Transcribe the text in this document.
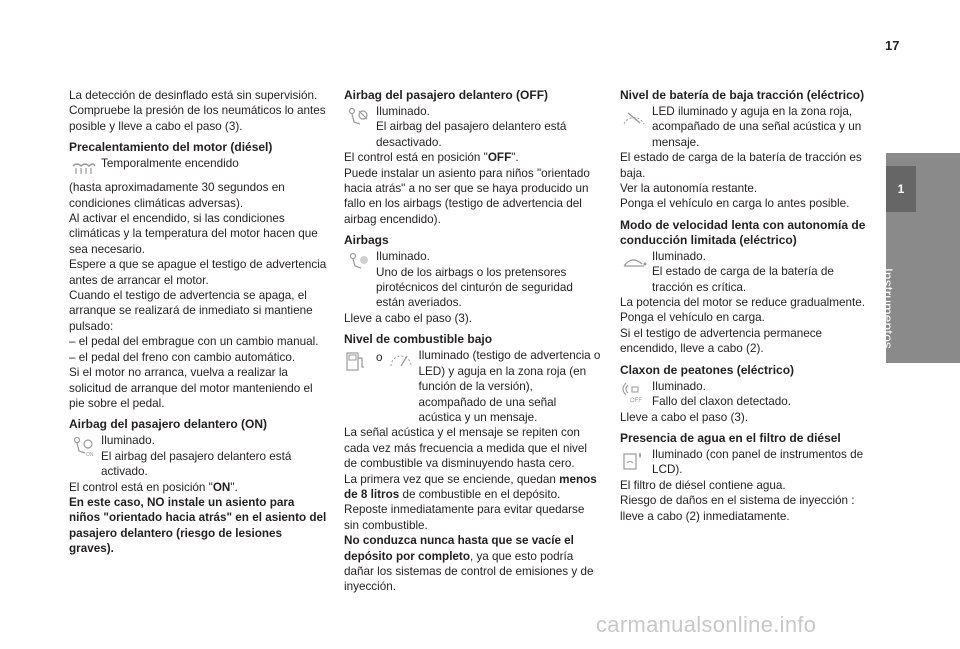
17
1
Instrumentos

La detección de desinflado está sin supervisión.

Compruebe la presión de los neumáticos lo antes posible y lleve a cabo el paso (3).

Precalentamiento del motor (diésel)

Temporalmente encendido

(hasta aproximadamente 30 segundos en condiciones climáticas adversas).

Al activar el encendido, si las condiciones climáticas y la temperatura del motor hacen que sea necesario.

Espere a que se apague el testigo de advertencia antes de arrancar el motor.

Cuando el testigo de advertencia se apaga, el arranque se realizará de inmediato si mantiene pulsado:

– el pedal del embrague con un cambio manual.

– el pedal del freno con cambio automático.

Si el motor no arranca, vuelva a realizar la solicitud de arranque del motor manteniendo el pie sobre el pedal.

Airbag del pasajero delantero (ON)
ON

Iluminado.

El airbag del pasajero delantero está activado.

El control está en posición "ON".

En este caso, NO instale un asiento para niños "orientado hacia atrás" en el asiento del pasajero delantero (riesgo de lesiones graves).

Airbag del pasajero delantero (OFF)

Iluminado.

El airbag del pasajero delantero está desactivado.

El control está en posición "OFF".

Puede instalar un asiento para niños "orientado hacia atrás" a no ser que se haya producido un fallo en los airbags (testigo de advertencia del airbag encendido).

Airbags

Iluminado.

Uno de los airbags o los pretensores pirotécnicos del cinturón de seguridad están averiados.

Lleve a cabo el paso (3).

Nivel de combustible bajo
o	Iluminado (testigo de advertencia o LED) y aguja en la zona roja (en función de la versión), acompañado de una señal acústica y un mensaje.

La señal acústica y el mensaje se repiten con cada vez más frecuencia a medida que el nivel de combustible va disminuyendo hasta cero.

La primera vez que se enciende, quedan menos de 8 litros de combustible en el depósito.

Reposte inmediatamente para evitar quedarse sin combustible.

No conduzca nunca hasta que se vacíe el depósito por completo, ya que esto podría dañar los sistemas de control de emisiones y de inyección.

Nivel de batería de baja tracción (eléctrico)

LED iluminado y aguja en la zona roja, acompañado de una señal acústica y un mensaje.

El estado de carga de la batería de tracción es baja.

Ver la autonomía restante.

Ponga el vehículo en carga lo antes posible.

Modo de velocidad lenta con autonomía de conducción limitada (eléctrico)

Iluminado.

El estado de carga de la batería de tracción es crítica.

La potencia del motor se reduce gradualmente.

Ponga el vehículo en carga.

Si el testigo de advertencia permanece encendido, lleve a cabo (2).

Claxon de peatones (eléctrico)
OFF

Iluminado.

Fallo del claxon detectado.

Lleve a cabo el paso (3).

Presencia de agua en el filtro de diésel

Iluminado (con panel de instrumentos de LCD).

El filtro de diésel contiene agua.

Riesgo de daños en el sistema de inyección : lleve a cabo (2) inmediatamente.

carmanualsonline.info
